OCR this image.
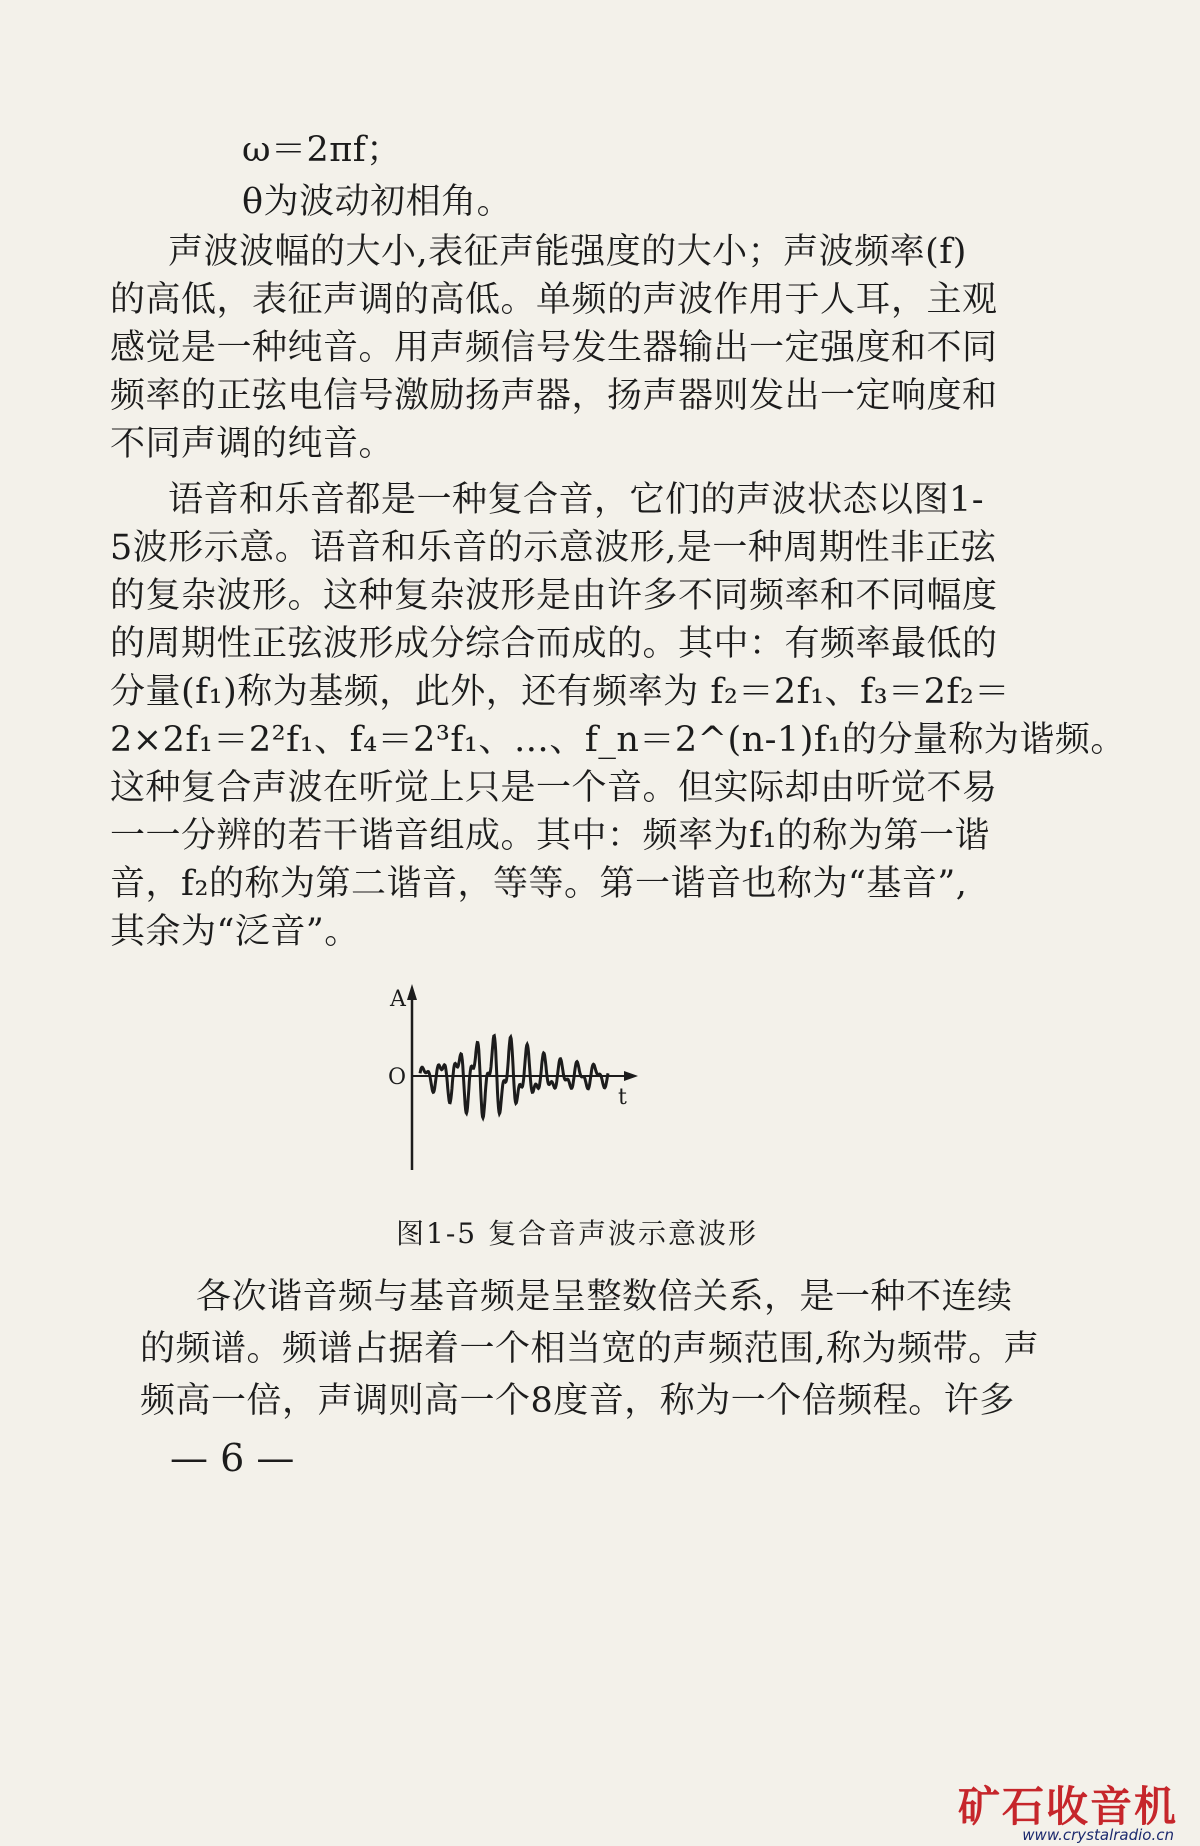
ω＝2πf；
θ为波动初相角。
声波波幅的大小,表征声能强度的大小；声波频率(f)
的高低，表征声调的高低。单频的声波作用于人耳，主观
感觉是一种纯音。用声频信号发生器输出一定强度和不同
频率的正弦电信号激励扬声器，扬声器则发出一定响度和
不同声调的纯音。
语音和乐音都是一种复合音，它们的声波状态以图1-
5波形示意。语音和乐音的示意波形,是一种周期性非正弦
的复杂波形。这种复杂波形是由许多不同频率和不同幅度
的周期性正弦波形成分综合而成的。其中：有频率最低的
分量(f₁)称为基频，此外，还有频率为 f₂＝2f₁、f₃＝2f₂＝
2×2f₁＝2²f₁、f₄＝2³f₁、…、f_n＝2^(n-1)f₁的分量称为谐频。
这种复合声波在听觉上只是一个音。但实际却由听觉不易
一一分辨的若干谐音组成。其中：频率为f₁的称为第一谐
音，f₂的称为第二谐音，等等。第一谐音也称为“基音”,
其余为“泛音”。
A
O
t
图1-5 复合音声波示意波形
各次谐音频与基音频是呈整数倍关系，是一种不连续
的频谱。频谱占据着一个相当宽的声频范围,称为频带。声
频高一倍，声调则高一个8度音，称为一个倍频程。许多
— 6 —
矿石收音机
www.crystalradio.cn
